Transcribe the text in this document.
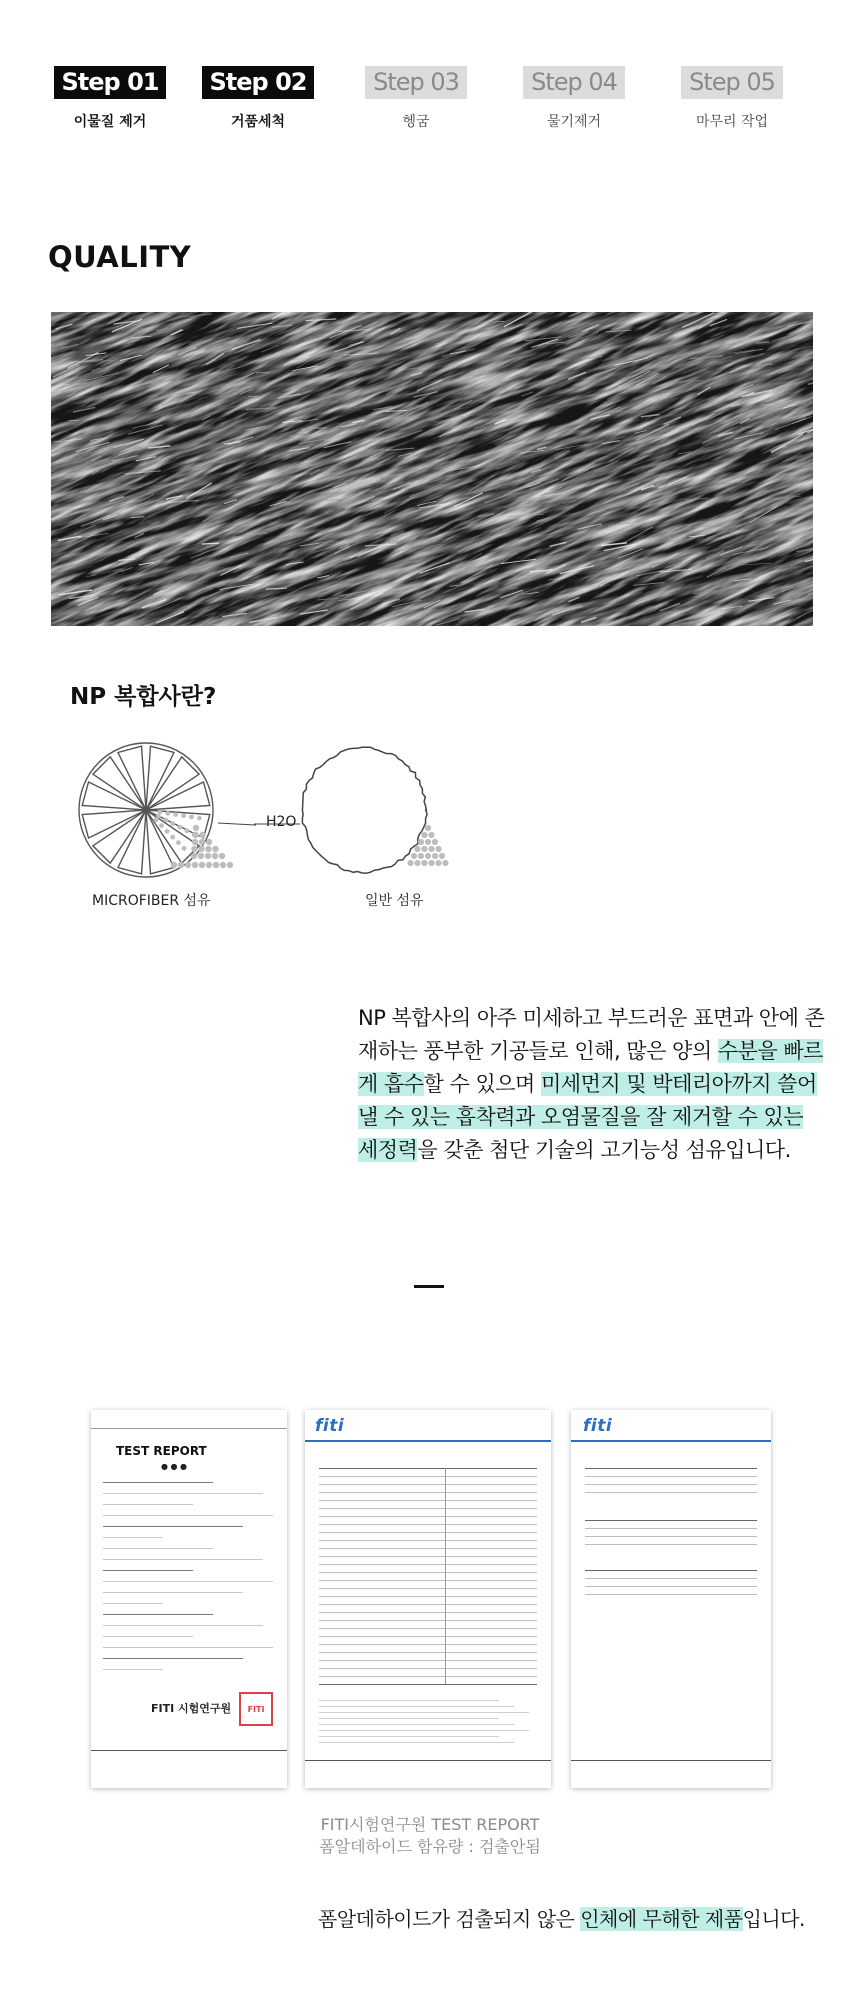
Step 01
이물질 제거
Step 02
거품세척
Step 03
헹굼
Step 04
물기제거
Step 05
마무리 작업
QUALITY
NP 복합사란?
H2O
MICROFIBER 섬유	일반 섬유
NP 복합사의 아주 미세하고 부드러운 표면과 안에 존재하는 풍부한 기공들로 인해, 많은 양의 수분을 빠르게 흡수할 수 있으며 미세먼지 및 박테리아까지 쓸어낼 수 있는 흡착력과 오염물질을 잘 제거할 수 있는 세정력을 갖춘 첨단 기술의 고기능성 섬유입니다.
TEST REPORT
● ● ●
FITI 시험연구원	FITI
fiti	fiti
FITI시험연구원 TEST REPORT
폼알데하이드 함유량 : 검출안됨
폼알데하이드가 검출되지 않은 인체에 무해한 제품입니다.
